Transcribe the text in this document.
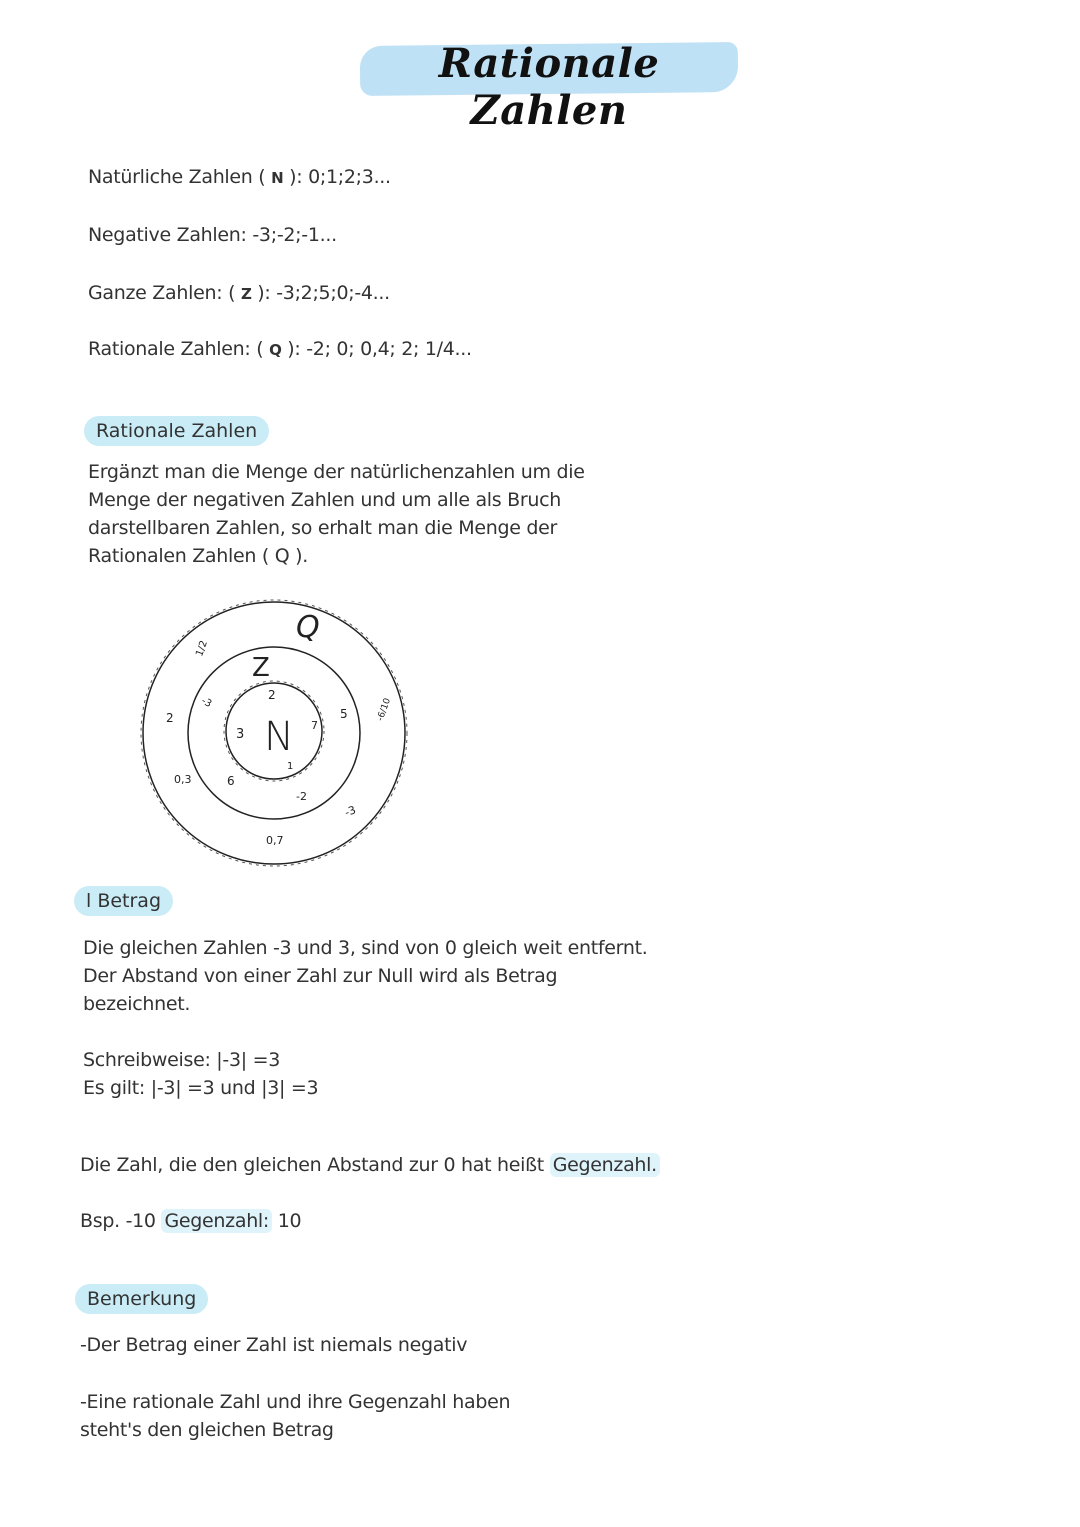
Rationale Zahlen
Natürliche Zahlen ( N ): 0;1;2;3...
Negative Zahlen: -3;-2;-1...
Ganze Zahlen: ( Z ): -3;2;5;0;-4...
Rationale Zahlen: ( Q ): -2; 0; 0,4; 2; 1/4...
Rationale Zahlen
Ergänzt man die Menge der natürlichenzahlen um die
Menge der negativen Zahlen und um alle als Bruch
darstellbaren Zahlen, so erhalt man die Menge der
Rationalen Zahlen ( Q ).
Q
Z
N
1/2
2
0,3
0,7
-3
-6/10
-3
2
6
-2
5
3
7
1
l Betrag
Die gleichen Zahlen -3 und 3, sind von 0 gleich weit entfernt.
Der Abstand von einer Zahl zur Null wird als Betrag
bezeichnet.
Schreibweise: |-3| =3
Es gilt: |-3| =3 und |3| =3
Die Zahl, die den gleichen Abstand zur 0 hat heißt Gegenzahl.
Bsp. -10 Gegenzahl: 10
Bemerkung
-Der Betrag einer Zahl ist niemals negativ
-Eine rationale Zahl und ihre Gegenzahl haben
steht's den gleichen Betrag
